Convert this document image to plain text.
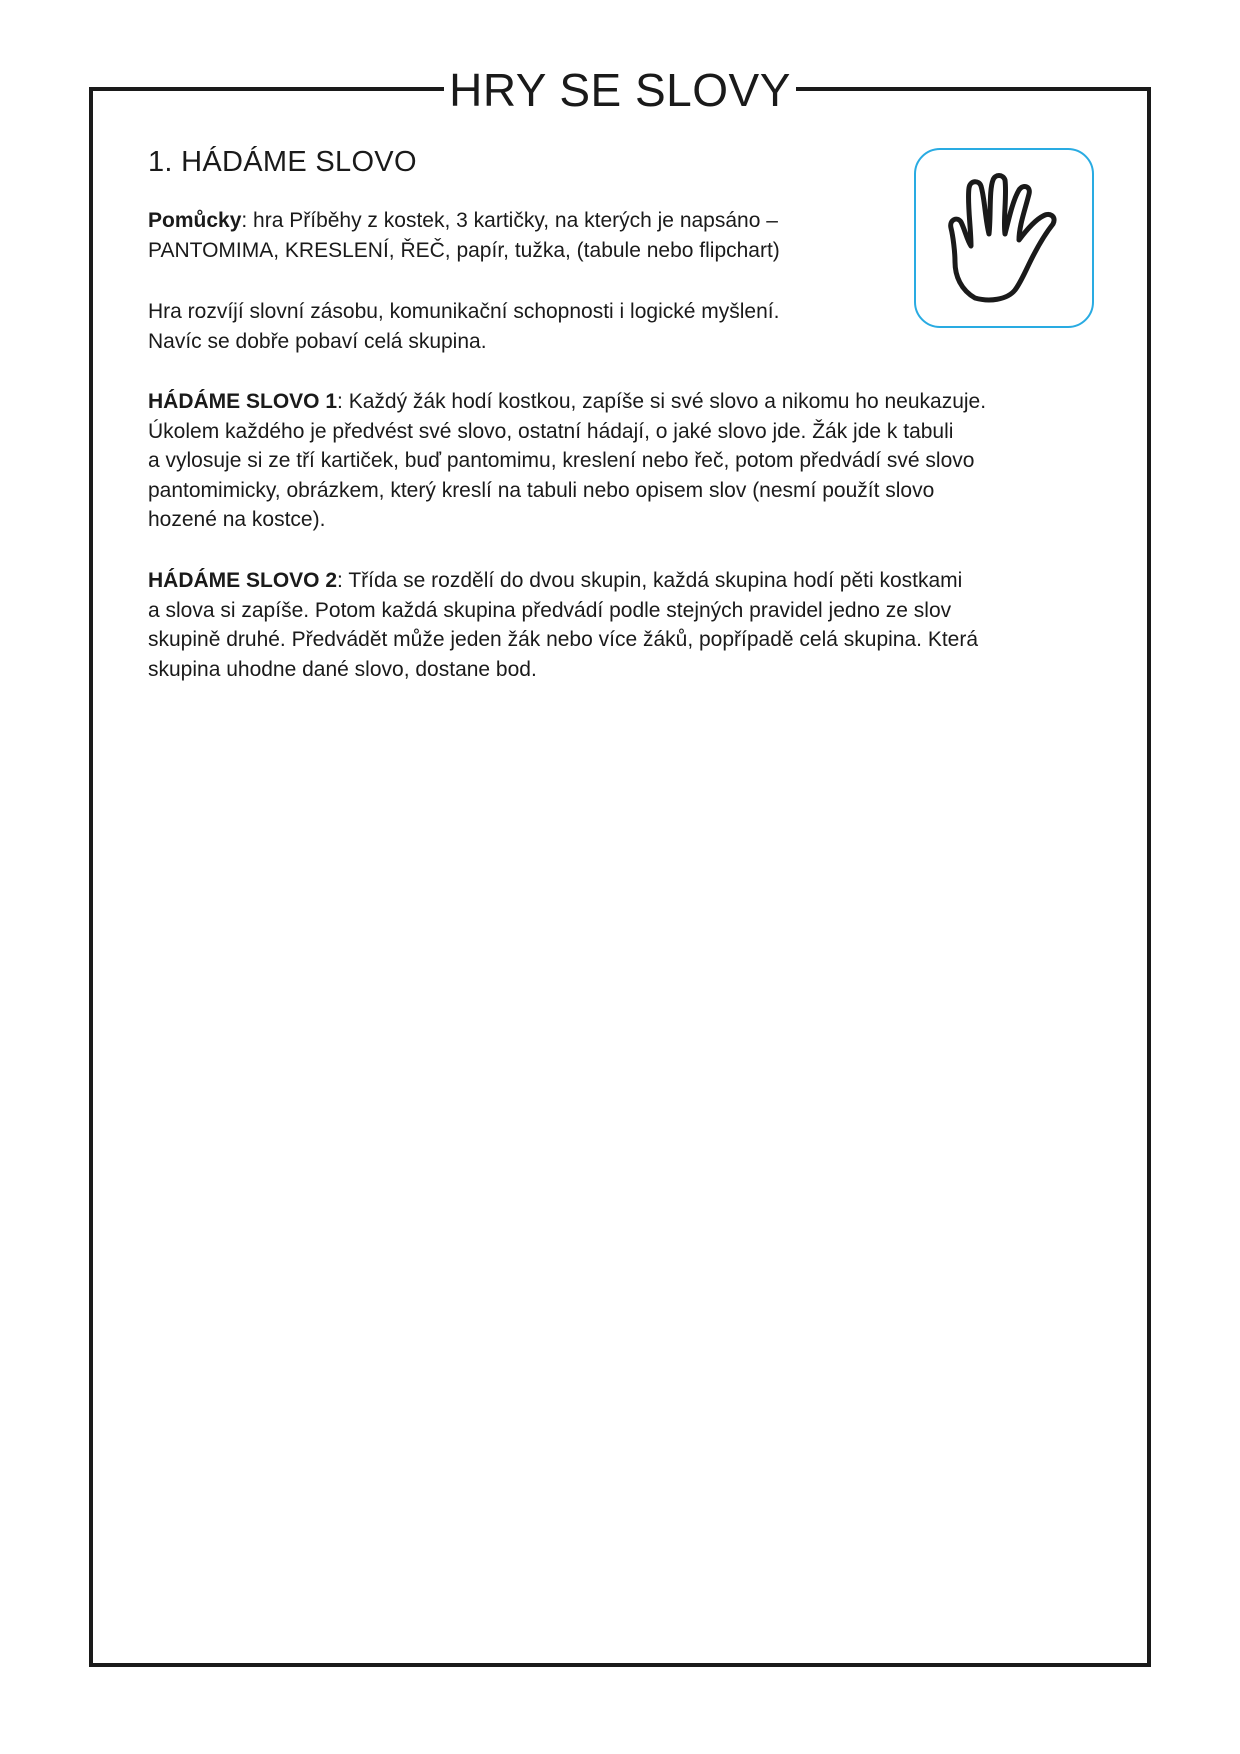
HRY SE SLOVY
1. HÁDÁME SLOVO

Pomůcky: hra Příběhy z kostek, 3 kartičky, na kterých je napsáno –
PANTOMIMA, KRESLENÍ, ŘEČ, papír, tužka, (tabule nebo flipchart)

Hra rozvíjí slovní zásobu, komunikační schopnosti i logické myšlení.
Navíc se dobře pobaví celá skupina.

HÁDÁME SLOVO 1: Každý žák hodí kostkou, zapíše si své slovo a nikomu ho neukazuje.
Úkolem každého je předvést své slovo, ostatní hádají, o jaké slovo jde. Žák jde k tabuli
a vylosuje si ze tří kartiček, buď pantomimu, kreslení nebo řeč, potom předvádí své slovo
pantomimicky, obrázkem, který kreslí na tabuli nebo opisem slov (nesmí použít slovo
hozené na kostce).

HÁDÁME SLOVO 2: Třída se rozdělí do dvou skupin, každá skupina hodí pěti kostkami
a slova si zapíše. Potom každá skupina předvádí podle stejných pravidel jedno ze slov
skupině druhé. Předvádět může jeden žák nebo více žáků, popřípadě celá skupina. Která
skupina uhodne dané slovo, dostane bod.
